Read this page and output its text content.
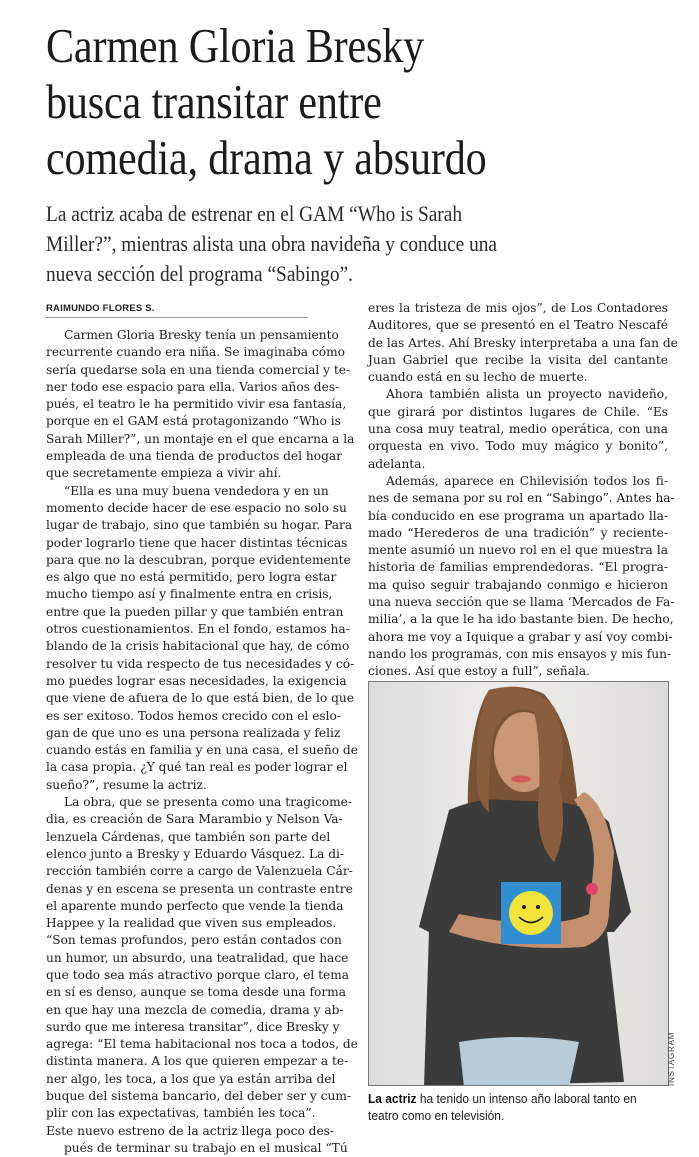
Carmen Gloria Bresky
busca transitar entre
comedia, drama y absurdo
La actriz acaba de estrenar en el GAM “Who is Sarah
Miller?”, mientras alista una obra navideña y conduce una
nueva sección del programa “Sabingo”.
RAIMUNDO FLORES S.
Carmen Gloria Bresky tenía un pensamiento
recurrente cuando era niña. Se imaginaba cómo
sería quedarse sola en una tienda comercial y te-
ner todo ese espacio para ella. Varios años des-
pués, el teatro le ha permitido vivir esa fantasía,
porque en el GAM está protagonizando “Who is
Sarah Miller?”, un montaje en el que encarna a la
empleada de una tienda de productos del hogar
que secretamente empieza a vivir ahí.
“Ella es una muy buena vendedora y en un
momento decide hacer de ese espacio no solo su
lugar de trabajo, sino que también su hogar. Para
poder lograrlo tiene que hacer distintas técnicas
para que no la descubran, porque evidentemente
es algo que no está permitido, pero logra estar
mucho tiempo así y finalmente entra en crisis,
entre que la pueden pillar y que también entran
otros cuestionamientos. En el fondo, estamos ha-
blando de la crisis habitacional que hay, de cómo
resolver tu vida respecto de tus necesidades y có-
mo puedes lograr esas necesidades, la exigencia
que viene de afuera de lo que está bien, de lo que
es ser exitoso. Todos hemos crecido con el eslo-
gan de que uno es una persona realizada y feliz
cuando estás en familia y en una casa, el sueño de
la casa propia. ¿Y qué tan real es poder lograr el
sueño?”, resume la actriz.
La obra, que se presenta como una tragicome-
dia, es creación de Sara Marambio y Nelson Va-
lenzuela Cárdenas, que también son parte del
elenco junto a Bresky y Eduardo Vásquez. La di-
rección también corre a cargo de Valenzuela Cár-
denas y en escena se presenta un contraste entre
el aparente mundo perfecto que vende la tienda
Happee y la realidad que viven sus empleados.
“Son temas profundos, pero están contados con
un humor, un absurdo, una teatralidad, que hace
que todo sea más atractivo porque claro, el tema
en sí es denso, aunque se toma desde una forma
en que hay una mezcla de comedia, drama y ab-
surdo que me interesa transitar”, dice Bresky y
agrega: “El tema habitacional nos toca a todos, de
distinta manera. A los que quieren empezar a te-
ner algo, les toca, a los que ya están arriba del
buque del sistema bancario, del deber ser y cum-
plir con las expectativas, también les toca”.
Este nuevo estreno de la actriz llega poco des-
pués de terminar su trabajo en el musical “Tú
eres la tristeza de mis ojos”, de Los Contadores
Auditores, que se presentó en el Teatro Nescafé
de las Artes. Ahí Bresky interpretaba a una fan de
Juan Gabriel que recibe la visita del cantante
cuando está en su lecho de muerte.
Ahora también alista un proyecto navideño,
que girará por distintos lugares de Chile. “Es
una cosa muy teatral, medio operática, con una
orquesta en vivo. Todo muy mágico y bonito”,
adelanta.
Además, aparece en Chilevisión todos los fi-
nes de semana por su rol en “Sabingo”. Antes ha-
bía conducido en ese programa un apartado lla-
mado “Herederos de una tradición” y reciente-
mente asumió un nuevo rol en el que muestra la
historia de familias emprendedoras. “El progra-
ma quiso seguir trabajando conmigo e hicieron
una nueva sección que se llama ‘Mercados de Fa-
milia’, a la que le ha ido bastante bien. De hecho,
ahora me voy a Iquique a grabar y así voy combi-
nando los programas, con mis ensayos y mis fun-
ciones. Así que estoy a full”, señala.
INSTAGRAM
La actriz ha tenido un intenso año laboral tanto en teatro como en televisión.
